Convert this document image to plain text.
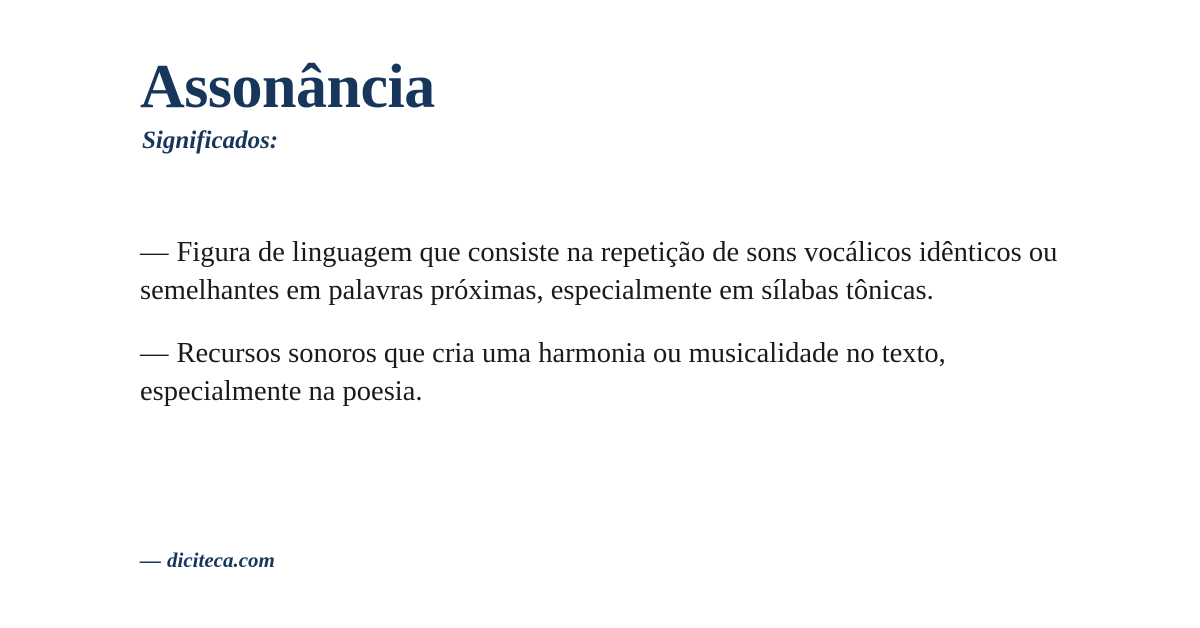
Assonância
Significados:

— Figura de linguagem que consiste na repetição de sons vocálicos idênticos ou semelhantes em palavras próximas, especialmente em sílabas tônicas.

— Recursos sonoros que cria uma harmonia ou musicalidade no texto, especialmente na poesia.

— diciteca.com
